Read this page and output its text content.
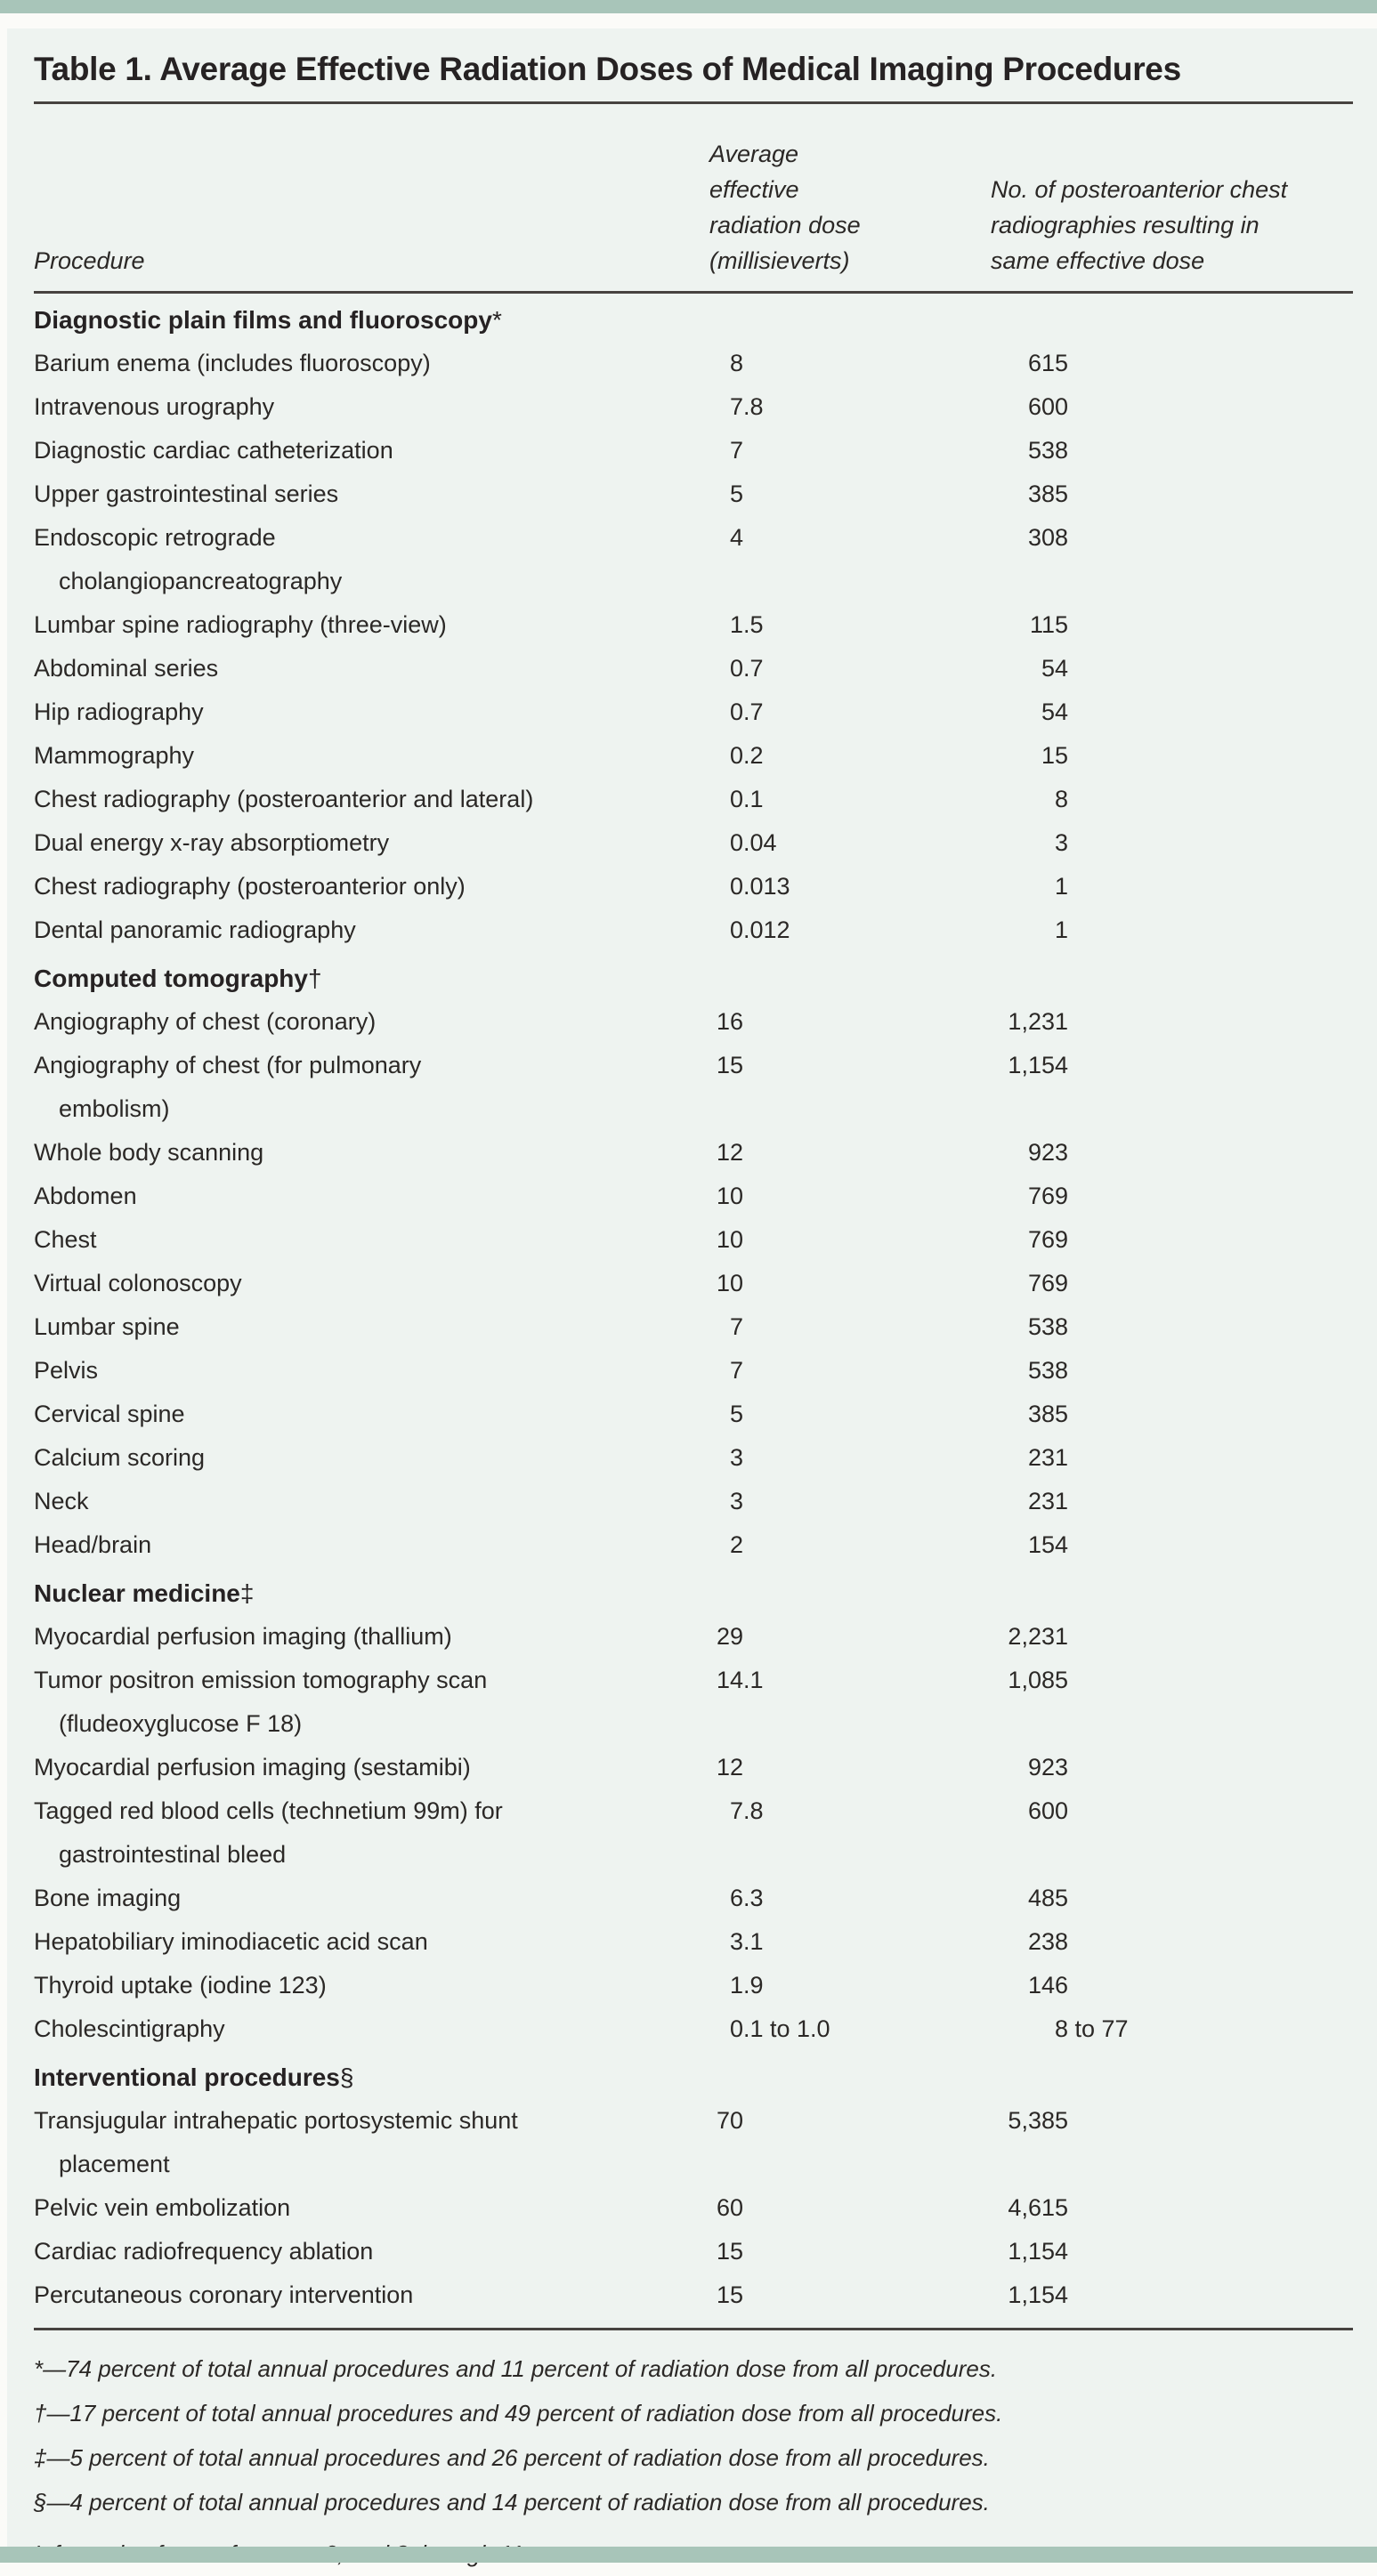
Table 1. Average Effective Radiation Doses of Medical Imaging Procedures
Procedure
Average effective
radiation dose
(millisieverts)
No. of posteroanterior chest
radiographies resulting in
same effective dose
Diagnostic plain films and fluoroscopy*
Barium enema (includes fluoroscopy)	8	615
Intravenous urography	7 .8	600
Diagnostic cardiac catheterization	7	538
Upper gastrointestinal series	5	385
Endoscopic retrograde
cholangiopancreatography
4	308
Lumbar spine radiography (three-view)	1 .5	115
Abdominal series	0 .7	54
Hip radiography	0 .7	54
Mammography	0 .2	15
Chest radiography (posteroanterior and lateral)	0 .1	8
Dual energy x-ray absorptiometry	0 .04	3
Chest radiography (posteroanterior only)	0 .013	1
Dental panoramic radiography	0 .012	1
Computed tomography†
Angiography of chest (coronary)	16	1,231
Angiography of chest (for pulmonary
embolism)
15	1,154
Whole body scanning	12	923
Abdomen	10	769
Chest	10	769
Virtual colonoscopy	10	769
Lumbar spine	7	538
Pelvis	7	538
Cervical spine	5	385
Calcium scoring	3	231
Neck	3	231
Head/brain	2	154
Nuclear medicine‡
Myocardial perfusion imaging (thallium)	29	2,231
Tumor positron emission tomography scan
(fludeoxyglucose F 18)
14 .1	1,085
Myocardial perfusion imaging (sestamibi)	12	923
Tagged red blood cells (technetium 99m) for
gastrointestinal bleed
7 .8	600
Bone imaging	6 .3	485
Hepatobiliary iminodiacetic acid scan	3 .1	238
Thyroid uptake (iodine 123)	1 .9	146
Cholescintigraphy	0 .1 to 1.0	8 to 77
Interventional procedures§
Transjugular intrahepatic portosystemic shunt
placement
70	5,385
Pelvic vein embolization	60	4,615
Cardiac radiofrequency ablation	15	1,154
Percutaneous coronary intervention	15	1,154
*—74 percent of total annual procedures and 11 percent of radiation dose from all procedures.
†—17 percent of total annual procedures and 49 percent of radiation dose from all procedures.
‡—5 percent of total annual procedures and 26 percent of radiation dose from all procedures.
§—4 percent of total annual procedures and 14 percent of radiation dose from all procedures.
